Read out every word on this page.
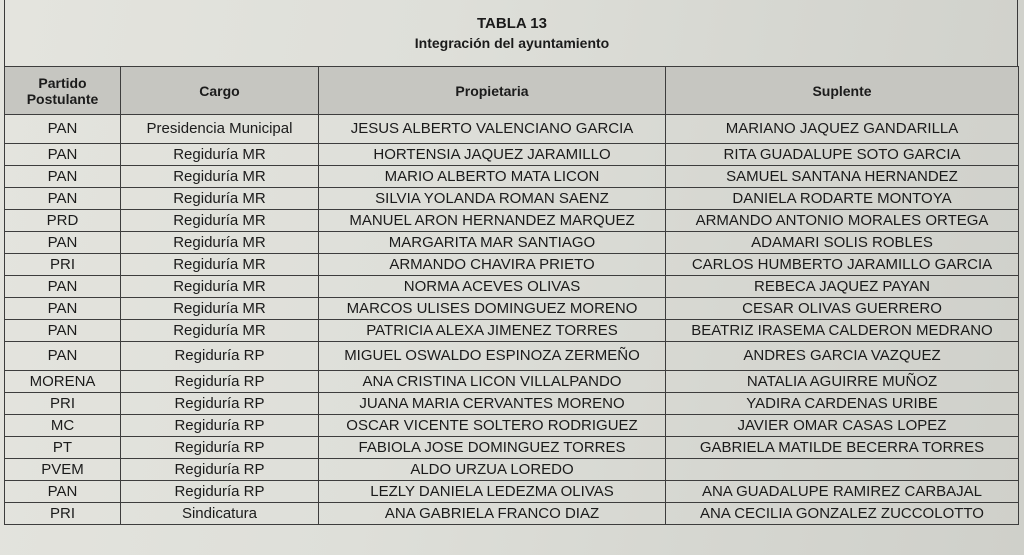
TABLA 13
Integración del ayuntamiento
Partido Postulante	Cargo	Propietaria	Suplente
PAN	Presidencia Municipal	JESUS ALBERTO VALENCIANO GARCIA	MARIANO JAQUEZ GANDARILLA
PAN	Regiduría MR	HORTENSIA JAQUEZ JARAMILLO	RITA GUADALUPE SOTO GARCIA
PAN	Regiduría MR	MARIO ALBERTO MATA LICON	SAMUEL SANTANA HERNANDEZ
PAN	Regiduría MR	SILVIA YOLANDA ROMAN SAENZ	DANIELA RODARTE MONTOYA
PRD	Regiduría MR	MANUEL ARON HERNANDEZ MARQUEZ	ARMANDO ANTONIO MORALES ORTEGA
PAN	Regiduría MR	MARGARITA MAR SANTIAGO	ADAMARI SOLIS ROBLES
PRI	Regiduría MR	ARMANDO CHAVIRA PRIETO	CARLOS HUMBERTO JARAMILLO GARCIA
PAN	Regiduría MR	NORMA ACEVES OLIVAS	REBECA JAQUEZ PAYAN
PAN	Regiduría MR	MARCOS ULISES DOMINGUEZ MORENO	CESAR OLIVAS GUERRERO
PAN	Regiduría MR	PATRICIA ALEXA JIMENEZ TORRES	BEATRIZ IRASEMA CALDERON MEDRANO
PAN	Regiduría RP	MIGUEL OSWALDO ESPINOZA ZERMEÑO	ANDRES GARCIA VAZQUEZ
MORENA	Regiduría RP	ANA CRISTINA LICON VILLALPANDO	NATALIA AGUIRRE MUÑOZ
PRI	Regiduría RP	JUANA MARIA CERVANTES MORENO	YADIRA CARDENAS URIBE
MC	Regiduría RP	OSCAR VICENTE SOLTERO RODRIGUEZ	JAVIER OMAR CASAS LOPEZ
PT	Regiduría RP	FABIOLA JOSE DOMINGUEZ TORRES	GABRIELA MATILDE BECERRA TORRES
PVEM	Regiduría RP	ALDO URZUA LOREDO	
PAN	Regiduría RP	LEZLY DANIELA LEDEZMA OLIVAS	ANA GUADALUPE RAMIREZ CARBAJAL
PRI	Sindicatura	ANA GABRIELA FRANCO DIAZ	ANA CECILIA GONZALEZ ZUCCOLOTTO
